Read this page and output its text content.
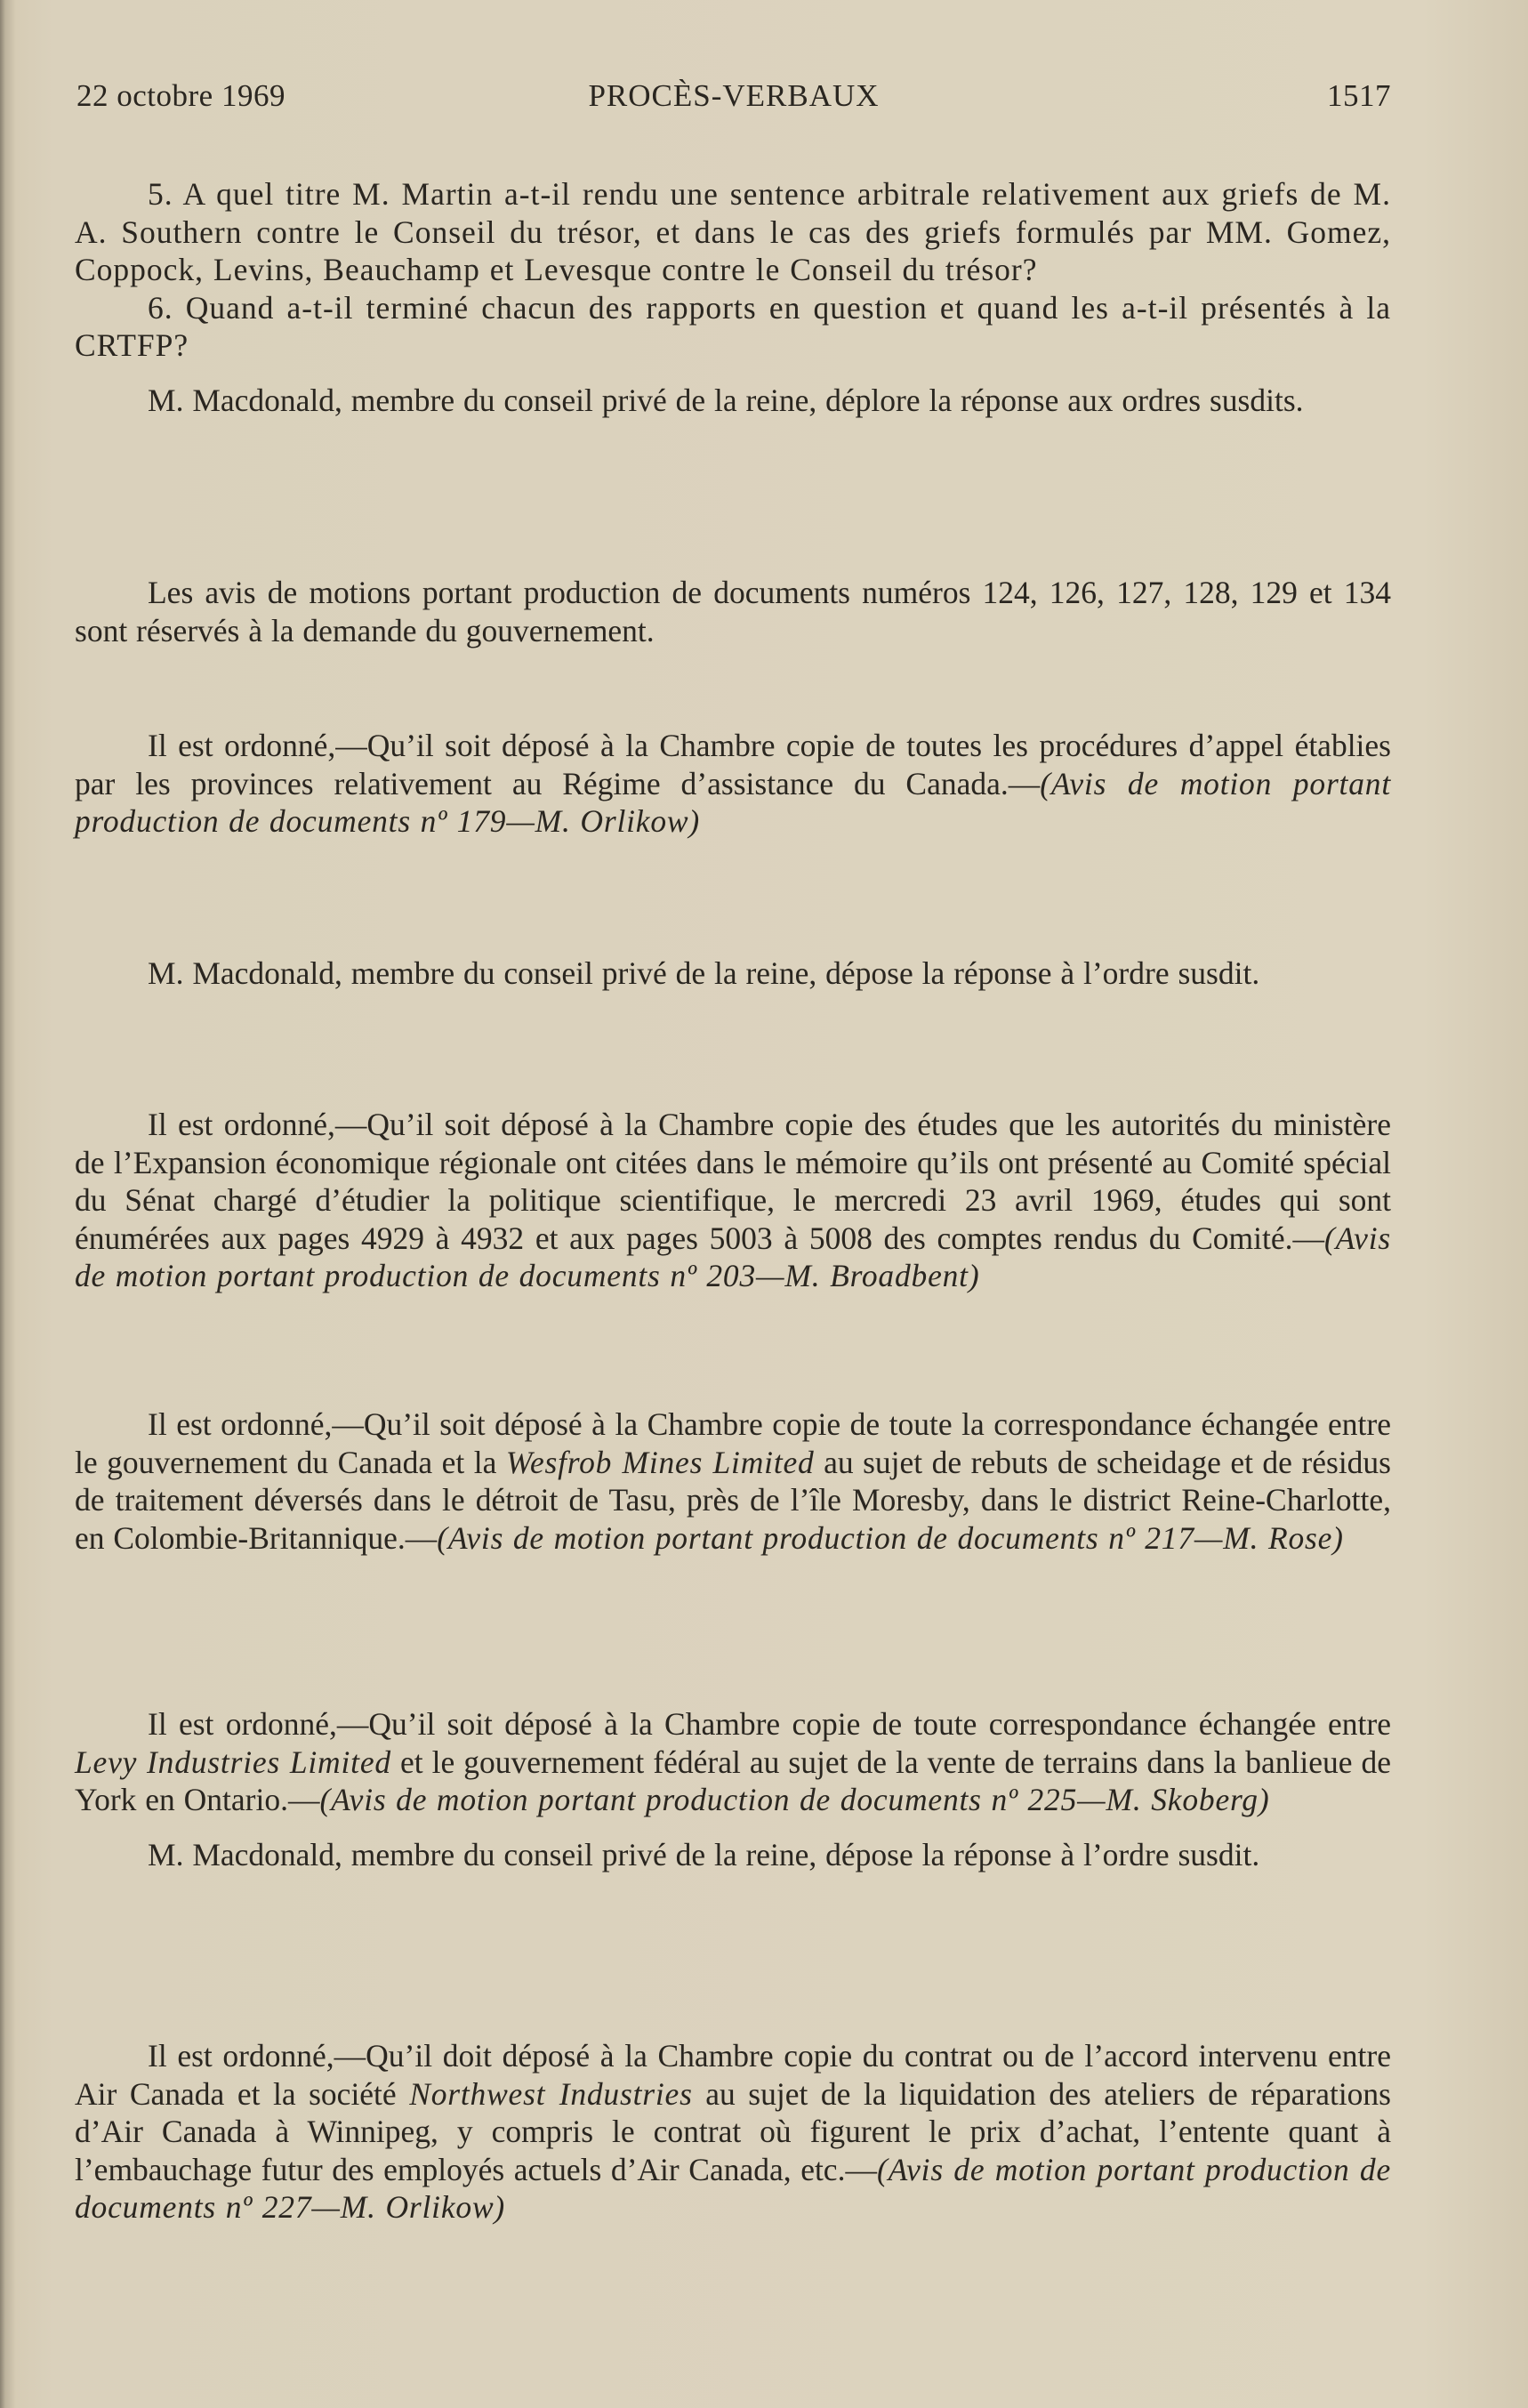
22 octobre 1969	PROCÈS-VERBAUX	1517

5. A quel titre M. Martin a-t-il rendu une sentence arbitrale relativement aux griefs de M. A. Southern contre le Conseil du trésor, et dans le cas des griefs formulés par MM. Gomez, Coppock, Levins, Beauchamp et Levesque contre le Conseil du trésor?

6. Quand a-t-il terminé chacun des rapports en question et quand les a-t-il présentés à la CRTFP?

M. Macdonald, membre du conseil privé de la reine, déplore la réponse aux ordres susdits.

Les avis de motions portant production de documents numéros 124, 126, 127, 128, 129 et 134 sont réservés à la demande du gouvernement.

Il est ordonné,—Qu’il soit déposé à la Chambre copie de toutes les procédures d’appel établies par les provinces relativement au Régime d’assistance du Canada.—(Avis de motion portant production de documents nº 179—M. Orlikow)

M. Macdonald, membre du conseil privé de la reine, dépose la réponse à l’ordre susdit.

Il est ordonné,—Qu’il soit déposé à la Chambre copie des études que les autorités du ministère de l’Expansion économique régionale ont citées dans le mémoire qu’ils ont présenté au Comité spécial du Sénat chargé d’étudier la politique scientifique, le mercredi 23 avril 1969, études qui sont énumérées aux pages 4929 à 4932 et aux pages 5003 à 5008 des comptes rendus du Comité.—(Avis de motion portant production de documents nº 203—M. Broadbent)

Il est ordonné,—Qu’il soit déposé à la Chambre copie de toute la correspondance échangée entre le gouvernement du Canada et la Wesfrob Mines Limited au sujet de rebuts de scheidage et de résidus de traitement déversés dans le détroit de Tasu, près de l’île Moresby, dans le district Reine-Charlotte, en Colombie-Britannique.—(Avis de motion portant production de documents nº 217—M. Rose)

Il est ordonné,—Qu’il soit déposé à la Chambre copie de toute correspondance échangée entre Levy Industries Limited et le gouvernement fédéral au sujet de la vente de terrains dans la banlieue de York en Ontario.—(Avis de motion portant production de documents nº 225—M. Skoberg)

M. Macdonald, membre du conseil privé de la reine, dépose la réponse à l’ordre susdit.

Il est ordonné,—Qu’il doit déposé à la Chambre copie du contrat ou de l’accord intervenu entre Air Canada et la société Northwest Industries au sujet de la liquidation des ateliers de réparations d’Air Canada à Winnipeg, y compris le contrat où figurent le prix d’achat, l’entente quant à l’embauchage futur des employés actuels d’Air Canada, etc.—(Avis de motion portant production de documents nº 227—M. Orlikow)
